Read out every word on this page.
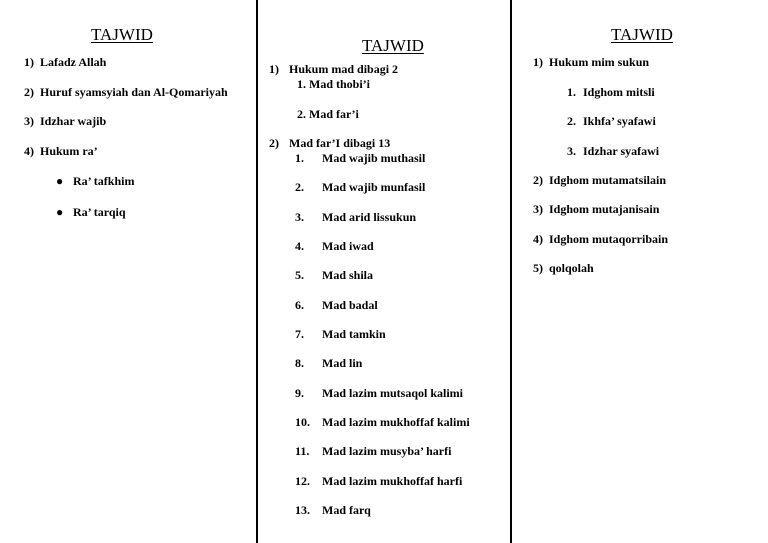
TAJWID
1) Lafadz Allah
2) Huruf syamsyiah dan Al-Qomariyah
3) Idzhar wajib
4) Hukum ra’
● Ra’ tafkhim
● Ra’ tarqiq
TAJWID
1) Hukum mad dibagi 2
1. Mad thobi’i
2. Mad far’i
2) Mad far’I dibagi 13
1. Mad wajib muthasil
2. Mad wajib munfasil
3. Mad arid lissukun
4. Mad iwad
5. Mad shila
6. Mad badal
7. Mad tamkin
8. Mad lin
9. Mad lazim mutsaqol kalimi
10. Mad lazim mukhoffaf kalimi
11. Mad lazim musyba’ harfi
12. Mad lazim mukhoffaf harfi
13. Mad farq
TAJWID
1) Hukum mim sukun
1. Idghom mitsli
2. Ikhfa’ syafawi
3. Idzhar syafawi
2) Idghom mutamatsilain
3) Idghom mutajanisain
4) Idghom mutaqorribain
5) qolqolah
